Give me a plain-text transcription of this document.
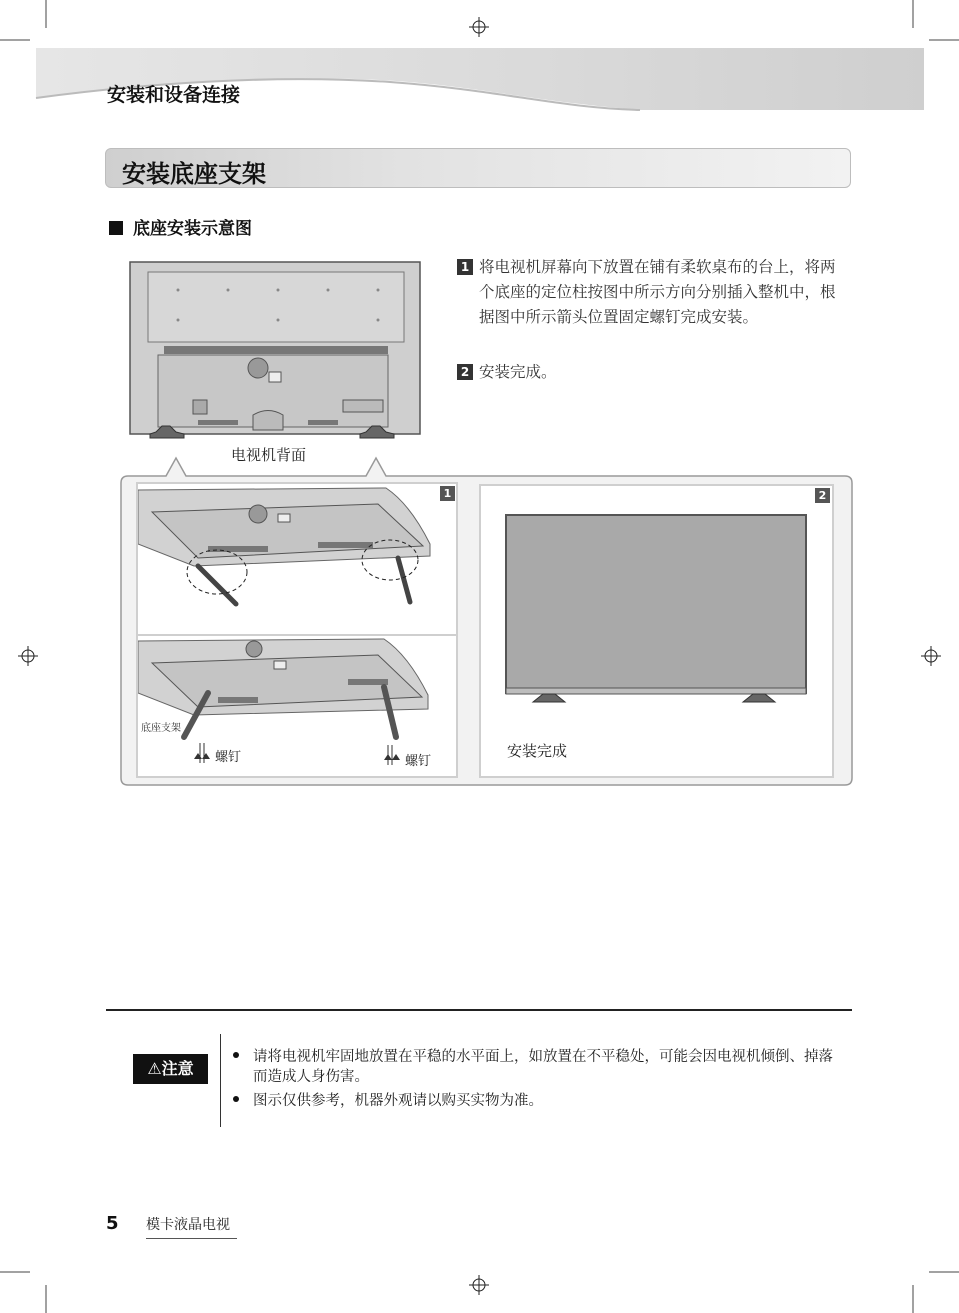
安装和设备连接
安装底座支架
底座安装示意图
电视机背面
1 将电视机屏幕向下放置在铺有柔软桌布的台上，将两个底座的定位柱按图中所示方向分别插入整机中，根据图中所示箭头位置固定螺钉完成安装。
2 安装完成。
底座支架
螺钉	螺钉
1	2
安装完成
⚠注意
请将电视机牢固地放置在平稳的水平面上，如放置在不平稳处，可能会因电视机倾倒、掉落而造成人身伤害。
图示仅供参考，机器外观请以购买实物为准。
5 模卡液晶电视
